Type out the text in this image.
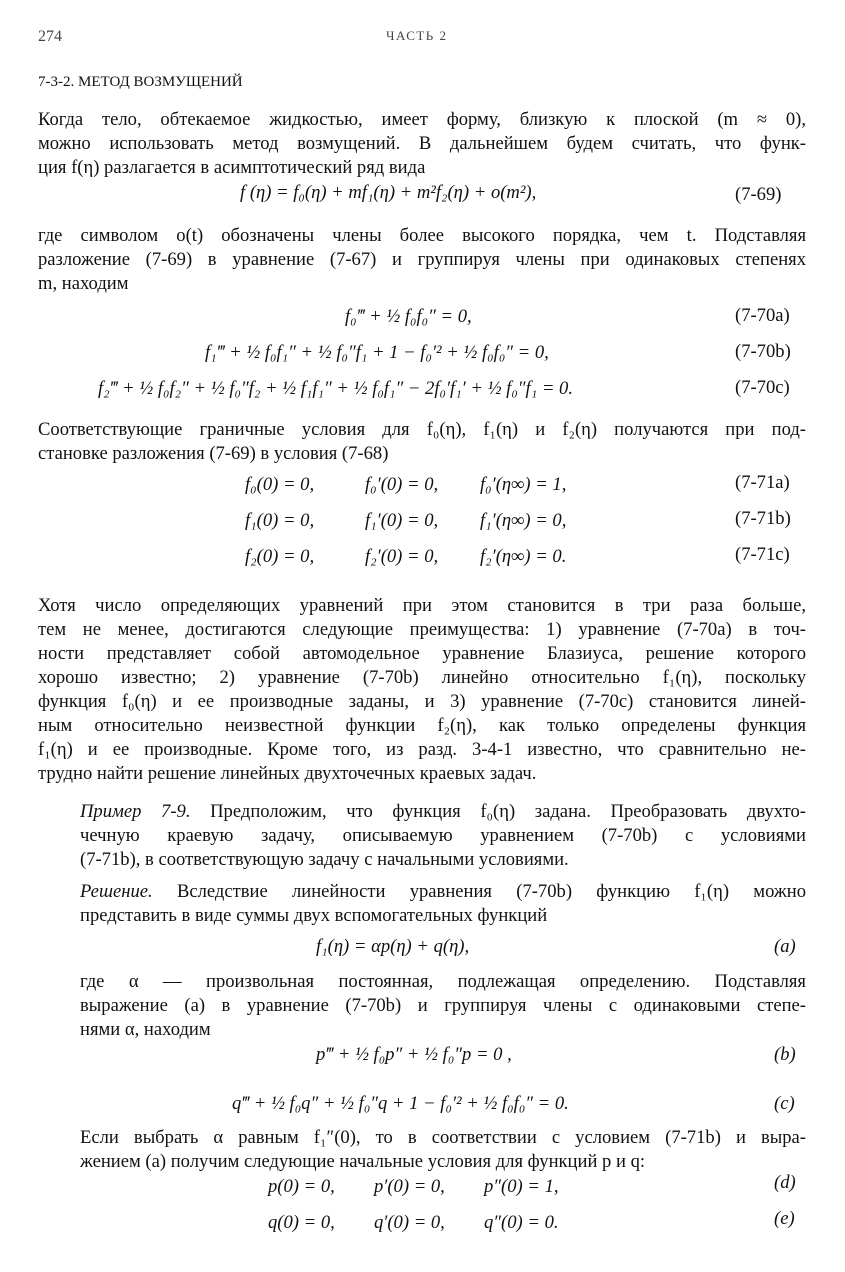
274	ЧАСТЬ 2
7-3-2. МЕТОД ВОЗМУЩЕНИЙ
Когда тело, обтекаемое жидкостью, имеет форму, близкую к плоской (m ≈ 0),
можно использовать метод возмущений. В дальнейшем будем считать, что функ-
ция f(η) разлагается в асимптотический ряд вида
f (η) = f₀(η) + mf₁(η) + m²f₂(η) + o(m²),	(7-69)
где символом o(t) обозначены члены более высокого порядка, чем t. Подставляя
разложение (7-69) в уравнение (7-67) и группируя члены при одинаковых степенях
m, находим
f₀‴ + ½ f₀f₀″ = 0,	(7-70a)
f₁‴ + ½ f₀f₁″ + ½ f₀″f₁ + 1 − f₀′² + ½ f₀f₀″ = 0,	(7-70b)
f₂‴ + ½ f₀f₂″ + ½ f₀″f₂ + ½ f₁f₁″ + ½ f₀f₁″ − 2f₀′f₁′ + ½ f₀″f₁ = 0.	(7-70c)
Соответствующие граничные условия для f₀(η), f₁(η) и f₂(η) получаются при под-
становке разложения (7-69) в условия (7-68)
f₀(0) = 0,	f₀′(0) = 0, f₀′(η∞) = 1,	(7-71a)
f₁(0) = 0,	f₁′(0) = 0, f₁′(η∞) = 0,	(7-71b)
f₂(0) = 0,	f₂′(0) = 0, f₂′(η∞) = 0.	(7-71c)
Хотя число определяющих уравнений при этом становится в три раза больше,
тем не менее, достигаются следующие преимущества: 1) уравнение (7-70a) в точ-
ности представляет собой автомодельное уравнение Блазиуса, решение которого
хорошо известно; 2) уравнение (7-70b) линейно относительно f₁(η), поскольку
функция f₀(η) и ее производные заданы, и 3) уравнение (7-70c) становится линей-
ным относительно неизвестной функции f₂(η), как только определены функция
f₁(η) и ее производные. Кроме того, из разд. 3-4-1 известно, что сравнительно не-
трудно найти решение линейных двухточечных краевых задач.
Пример 7-9. Предположим, что функция f₀(η) задана. Преобразовать двухто-
чечную краевую задачу, описываемую уравнением (7-70b) с условиями
(7-71b), в соответствующую задачу с начальными условиями.
Решение. Вследствие линейности уравнения (7-70b) функцию f₁(η) можно
представить в виде суммы двух вспомогательных функций
f₁(η) = αp(η) + q(η),	(a)
где α — произвольная постоянная, подлежащая определению. Подставляя
выражение (a) в уравнение (7-70b) и группируя члены с одинаковыми степе-
нями α, находим
p‴ + ½ f₀p″ + ½ f₀″p = 0 ,	(b)
q‴ + ½ f₀q″ + ½ f₀″q + 1 − f₀′² + ½ f₀f₀″ = 0.	(c)
Если выбрать α равным f₁″(0), то в соответствии с условием (7-71b) и выра-
жением (a) получим следующие начальные условия для функций p и q:
p(0) = 0, p′(0) = 0, p″(0) = 1,	(d)
q(0) = 0, q′(0) = 0, q″(0) = 0.	(e)
